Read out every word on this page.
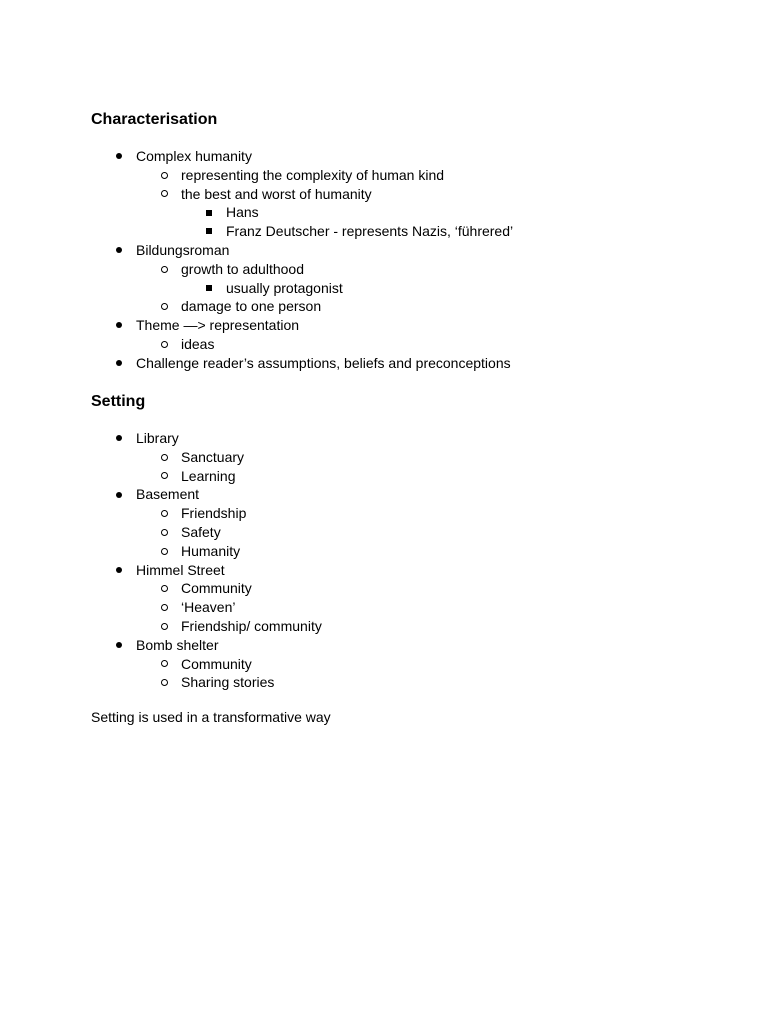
Characterisation
Complex humanity
representing the complexity of human kind
the best and worst of humanity
Hans
Franz Deutscher - represents Nazis, ‘führered’
Bildungsroman
growth to adulthood
usually protagonist
damage to one person
Theme —> representation
ideas
Challenge reader’s assumptions, beliefs and preconceptions
Setting
Library
Sanctuary
Learning
Basement
Friendship
Safety
Humanity
Himmel Street
Community
‘Heaven’
Friendship/ community
Bomb shelter
Community
Sharing stories

Setting is used in a transformative way
